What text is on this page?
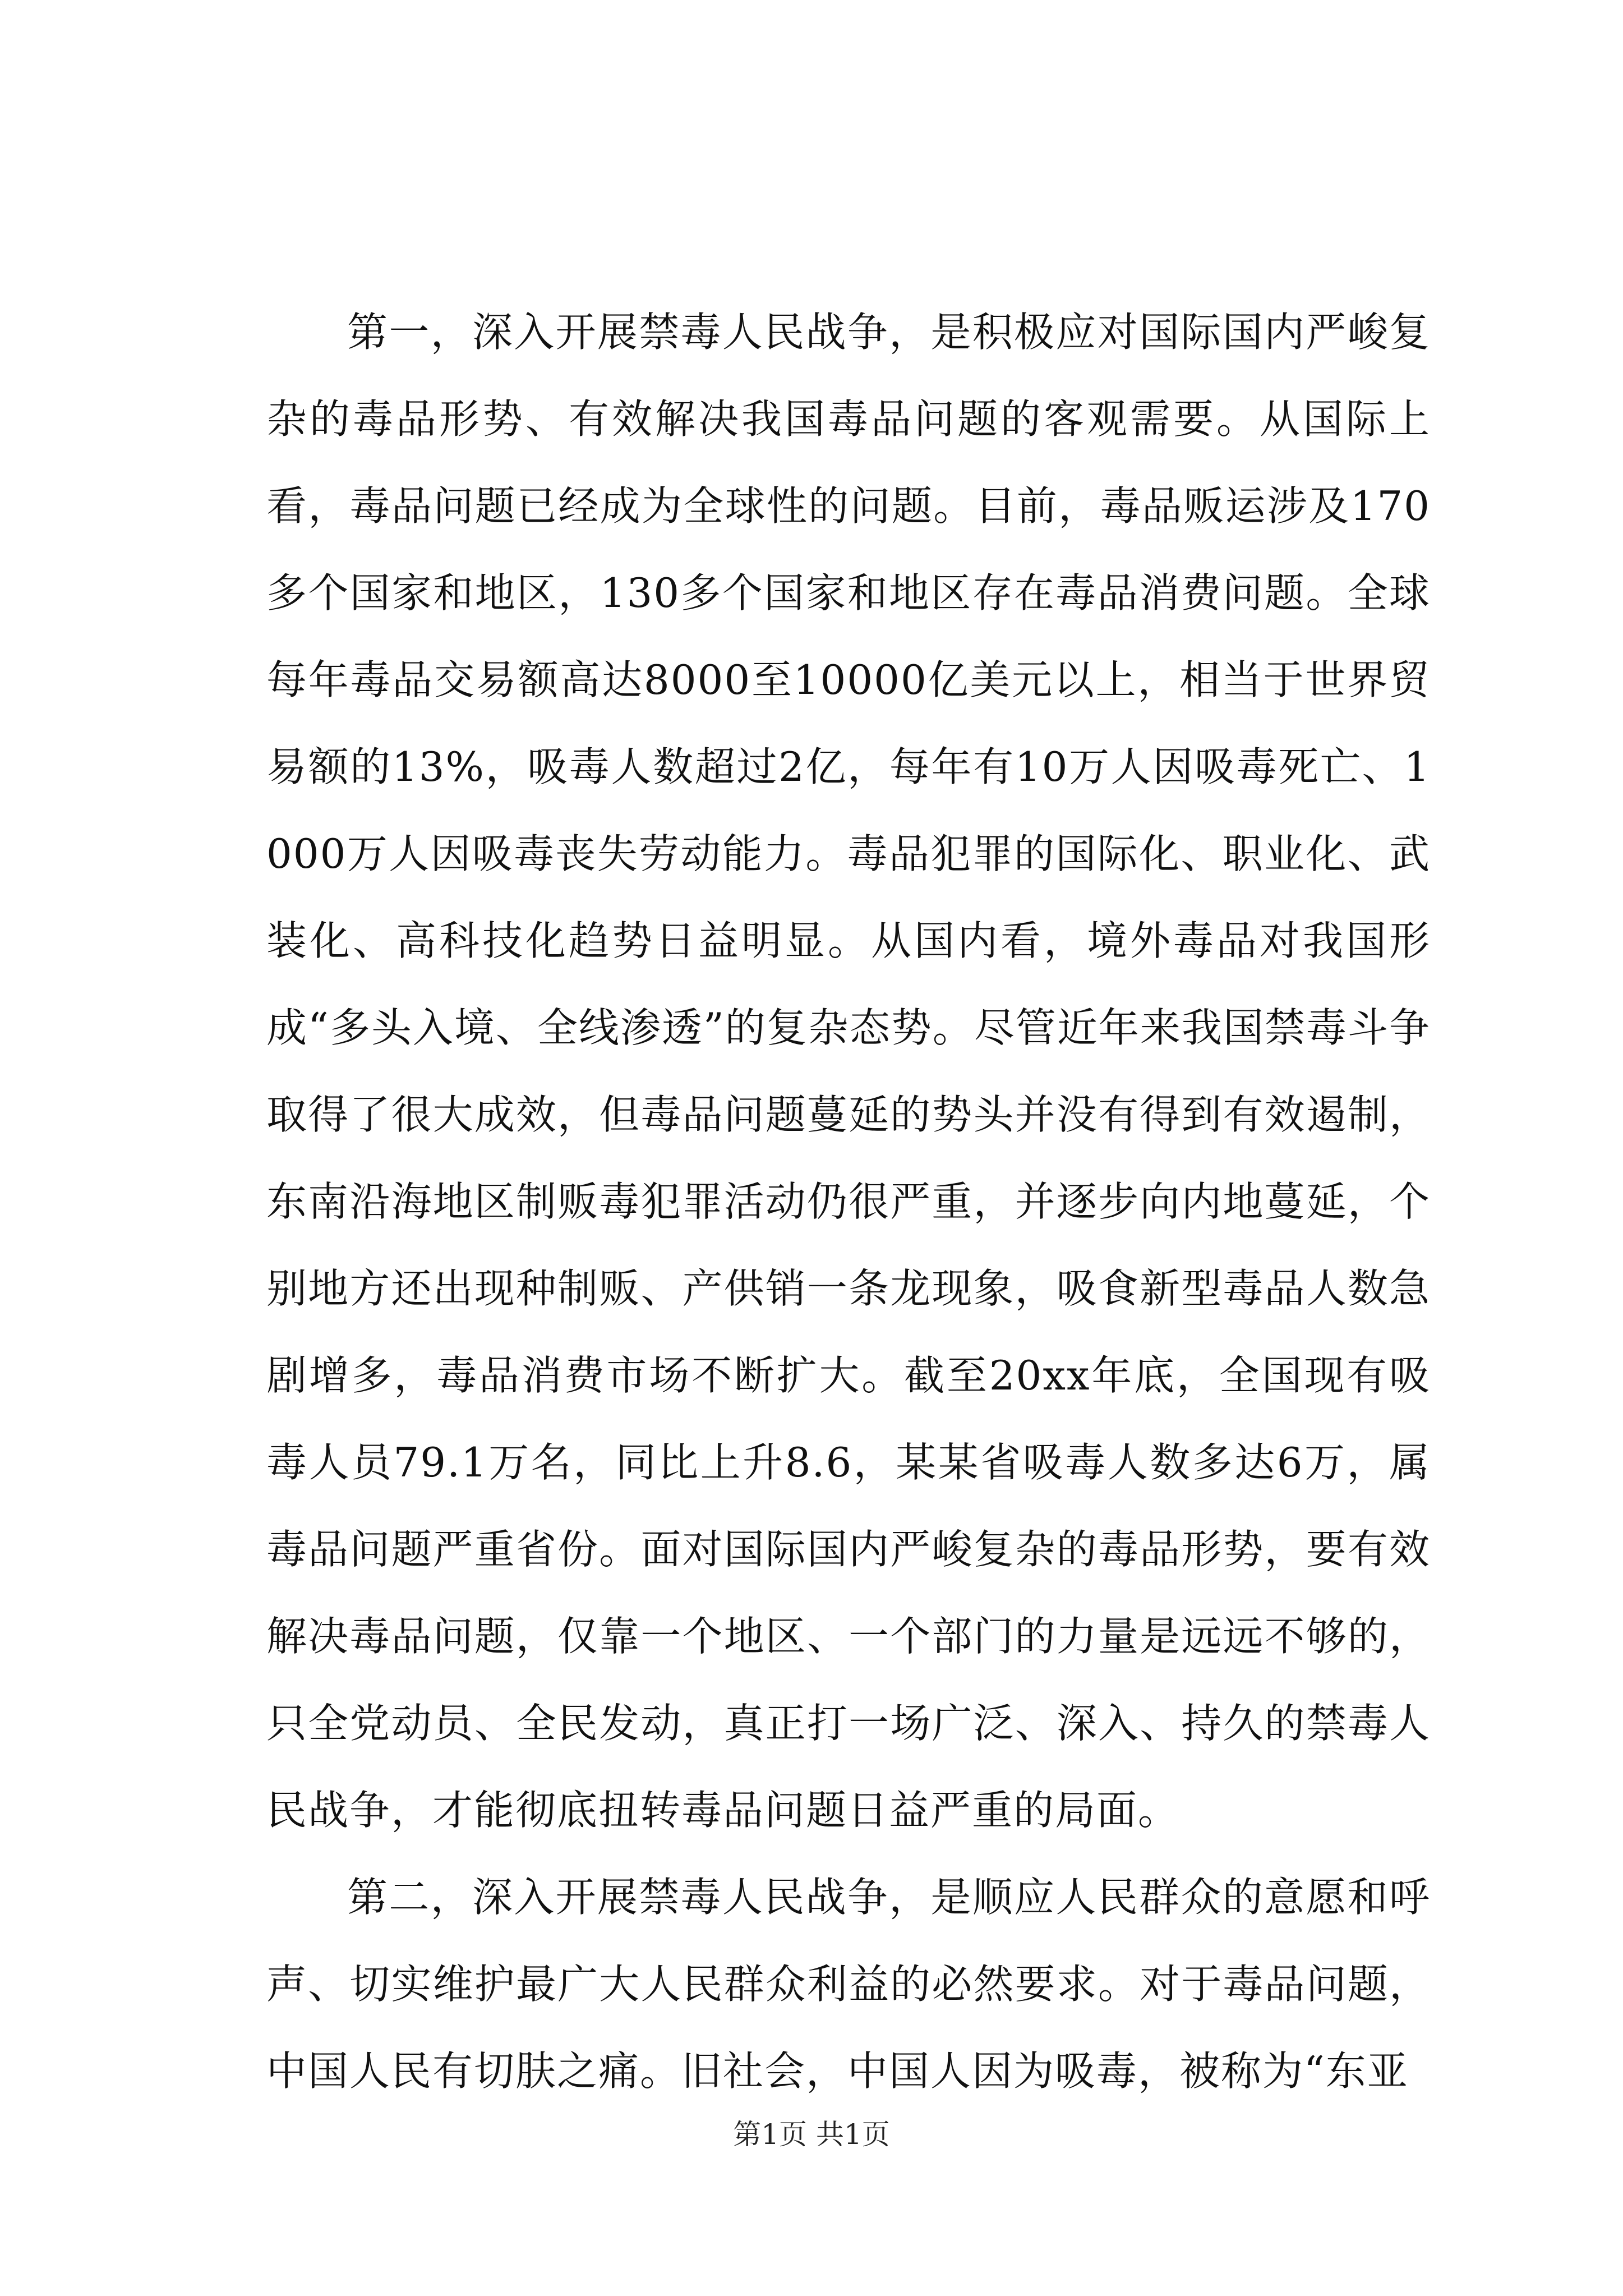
第一，深入开展禁毒人民战争，是积极应对国际国内严峻复杂的毒品形势、有效解决我国毒品问题的客观需要。从国际上看，毒品问题已经成为全球性的问题。目前，毒品贩运涉及170多个国家和地区，130多个国家和地区存在毒品消费问题。全球每年毒品交易额高达8000至10000亿美元以上，相当于世界贸易额的13%，吸毒人数超过2亿，每年有10万人因吸毒死亡、1000万人因吸毒丧失劳动能力。毒品犯罪的国际化、职业化、武装化、高科技化趋势日益明显。从国内看，境外毒品对我国形成“多头入境、全线渗透”的复杂态势。尽管近年来我国禁毒斗争取得了很大成效，但毒品问题蔓延的势头并没有得到有效遏制，东南沿海地区制贩毒犯罪活动仍很严重，并逐步向内地蔓延，个别地方还出现种制贩、产供销一条龙现象，吸食新型毒品人数急剧增多，毒品消费市场不断扩大。截至20xx年底，全国现有吸毒人员79.1万名，同比上升8.6，某某省吸毒人数多达6万，属毒品问题严重省份。面对国际国内严峻复杂的毒品形势，要有效解决毒品问题，仅靠一个地区、一个部门的力量是远远不够的，只全党动员、全民发动，真正打一场广泛、深入、持久的禁毒人民战争，才能彻底扭转毒品问题日益严重的局面。

第二，深入开展禁毒人民战争，是顺应人民群众的意愿和呼声、切实维护最广大人民群众利益的必然要求。对于毒品问题，中国人民有切肤之痛。旧社会，中国人因为吸毒，被称为“东亚

第1页 共1页
